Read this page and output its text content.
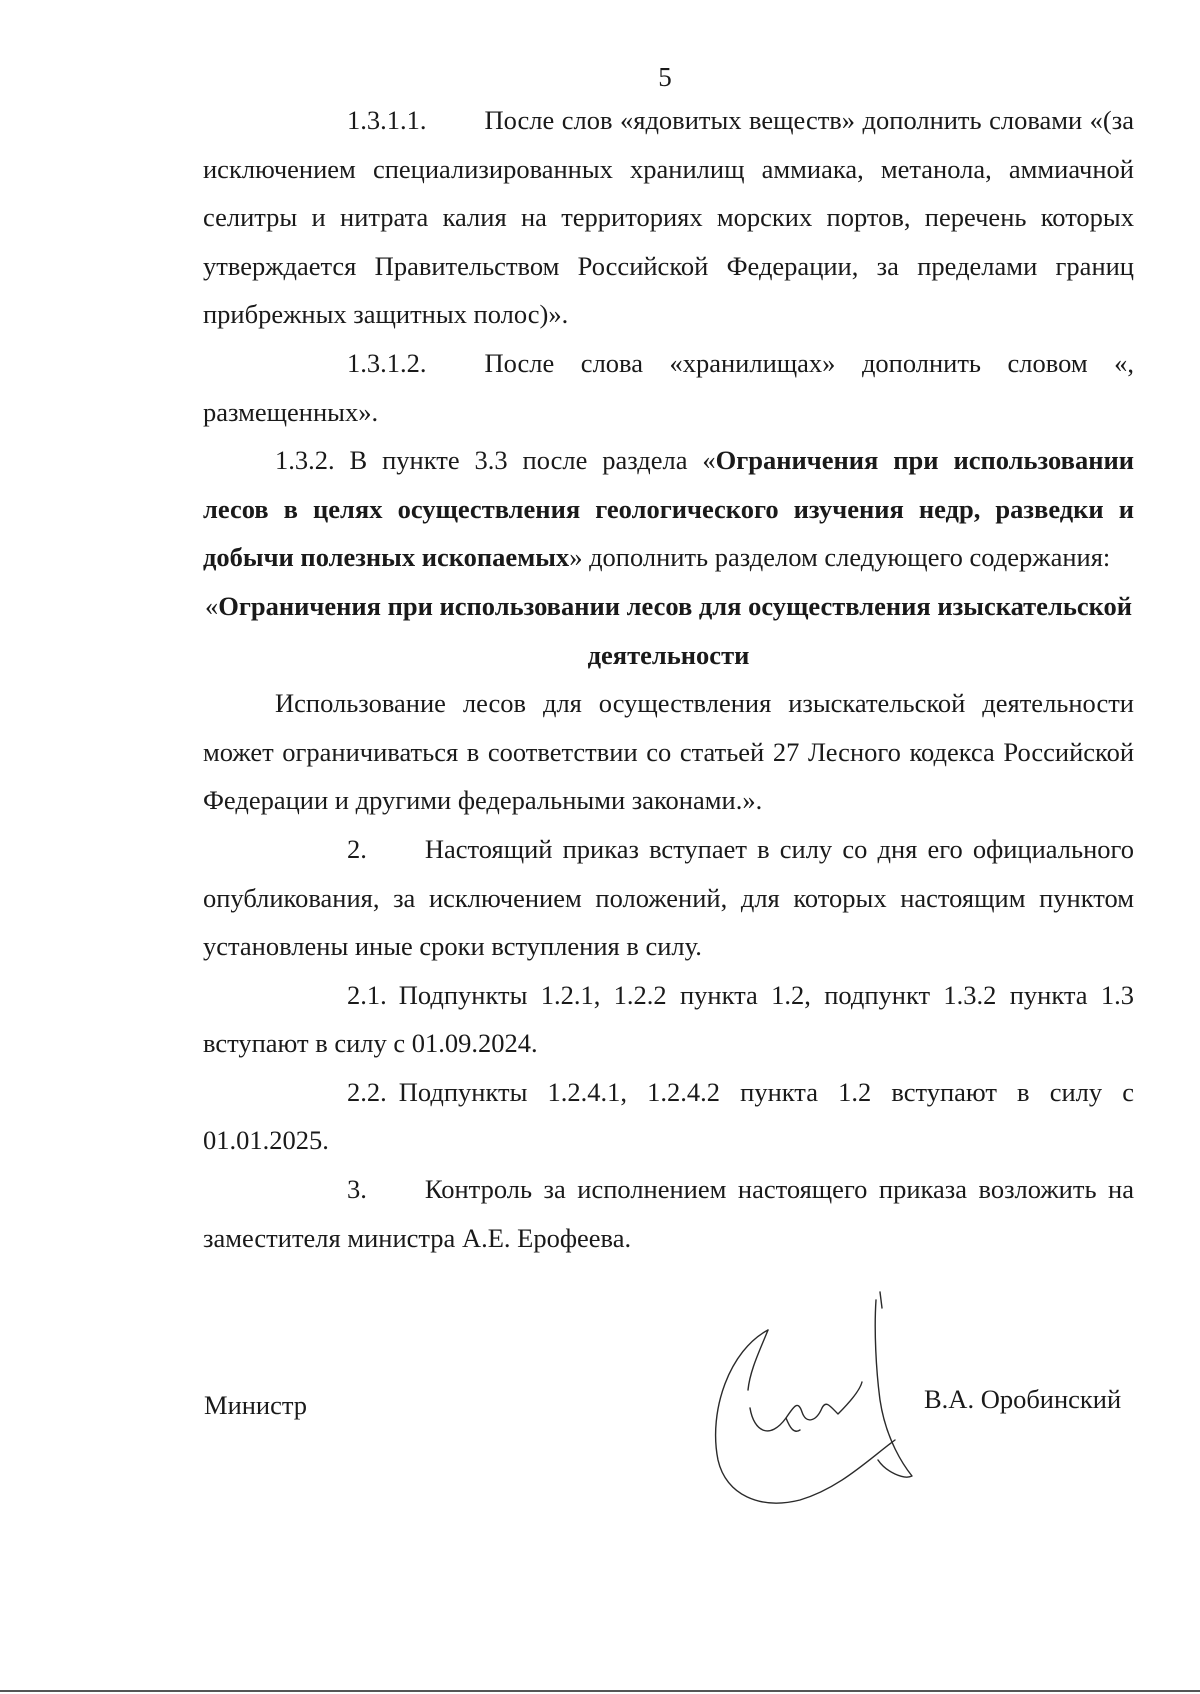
5

1.3.1.1. После слов «ядовитых веществ» дополнить словами «(за исключением специализированных хранилищ аммиака, метанола, аммиачной селитры и нитрата калия на территориях морских портов, перечень которых утверждается Правительством Российской Федерации, за пределами границ прибрежных защитных полос)».

1.3.1.2. После слова «хранилищах» дополнить словом «, размещенных».

1.3.2. В пункте 3.3 после раздела «Ограничения при использовании лесов в целях осуществления геологического изучения недр, разведки и добычи полезных ископаемых» дополнить разделом следующего содержания:

«Ограничения при использовании лесов для осуществления изыскательской деятельности

Использование лесов для осуществления изыскательской деятельности может ограничиваться в соответствии со статьей 27 Лесного кодекса Российской Федерации и другими федеральными законами.».

2. Настоящий приказ вступает в силу со дня его официального опубликования, за исключением положений, для которых настоящим пунктом установлены иные сроки вступления в силу.

2.1. Подпункты 1.2.1, 1.2.2 пункта 1.2, подпункт 1.3.2 пункта 1.3 вступают в силу с 01.09.2024.

2.2. Подпункты 1.2.4.1, 1.2.4.2 пункта 1.2 вступают в силу с 01.01.2025.

3. Контроль за исполнением настоящего приказа возложить на заместителя министра А.Е. Ерофеева.

Министр	В.А. Оробинский
